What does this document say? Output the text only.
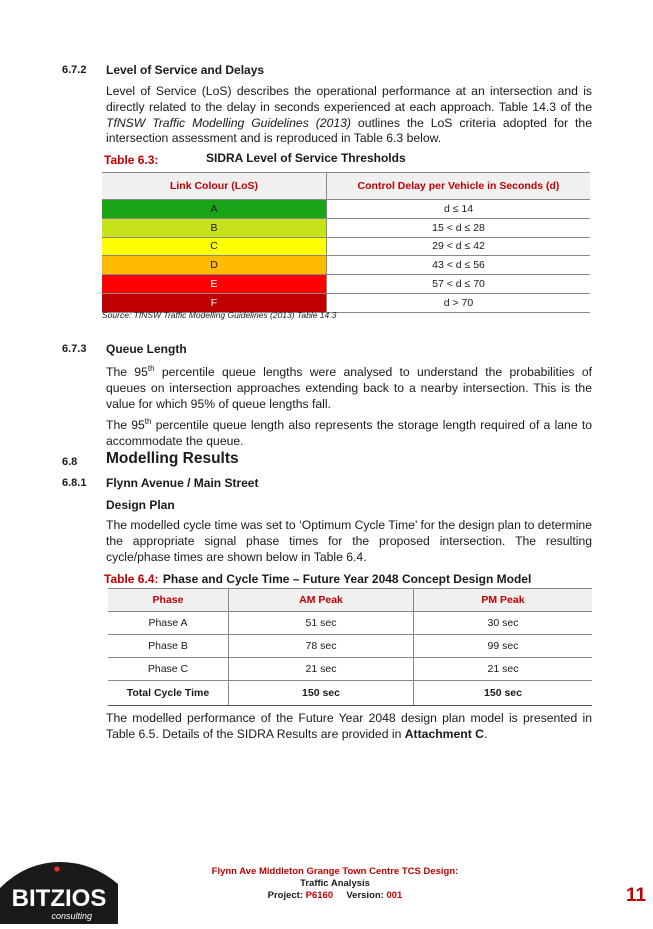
6.7.2 Level of Service and Delays

Level of Service (LoS) describes the operational performance at an intersection and is directly related to the delay in seconds experienced at each approach. Table 14.3 of the TfNSW Traffic Modelling Guidelines (2013) outlines the LoS criteria adopted for the intersection assessment and is reproduced in Table 6.3 below.

Table 6.3:	SIDRA Level of Service Thresholds
Link Colour (LoS)	Control Delay per Vehicle in Seconds (d)
A	d ≤ 14
B	15 < d ≤ 28
C	29 < d ≤ 42
D	43 < d ≤ 56
E	57 < d ≤ 70
F	d > 70
Source: TfNSW Traffic Modelling Guidelines (2013) Table 14.3
6.7.3 Queue Length

The 95th percentile queue lengths were analysed to understand the probabilities of queues on intersection approaches extending back to a nearby intersection. This is the value for which 95% of queue lengths fall.

The 95th percentile queue length also represents the storage length required of a lane to accommodate the queue.

6.8 Modelling Results
6.8.1 Flynn Avenue / Main Street
Design Plan

The modelled cycle time was set to ‘Optimum Cycle Time’ for the design plan to determine the appropriate signal phase times for the proposed intersection. The resulting cycle/phase times are shown below in Table 6.4.

Table 6.4: Phase and Cycle Time – Future Year 2048 Concept Design Model
Phase	AM Peak	PM Peak
Phase A	51 sec	30 sec
Phase B	78 sec	99 sec
Phase C	21 sec	21 sec
Total Cycle Time	150 sec	150 sec

The modelled performance of the Future Year 2048 design plan model is presented in Table 6.5. Details of the SIDRA Results are provided in Attachment C.

BITZIOS
consulting
Flynn Ave Middleton Grange Town Centre TCS Design:
Traffic Analysis
Project: P6160 Version: 001	11
